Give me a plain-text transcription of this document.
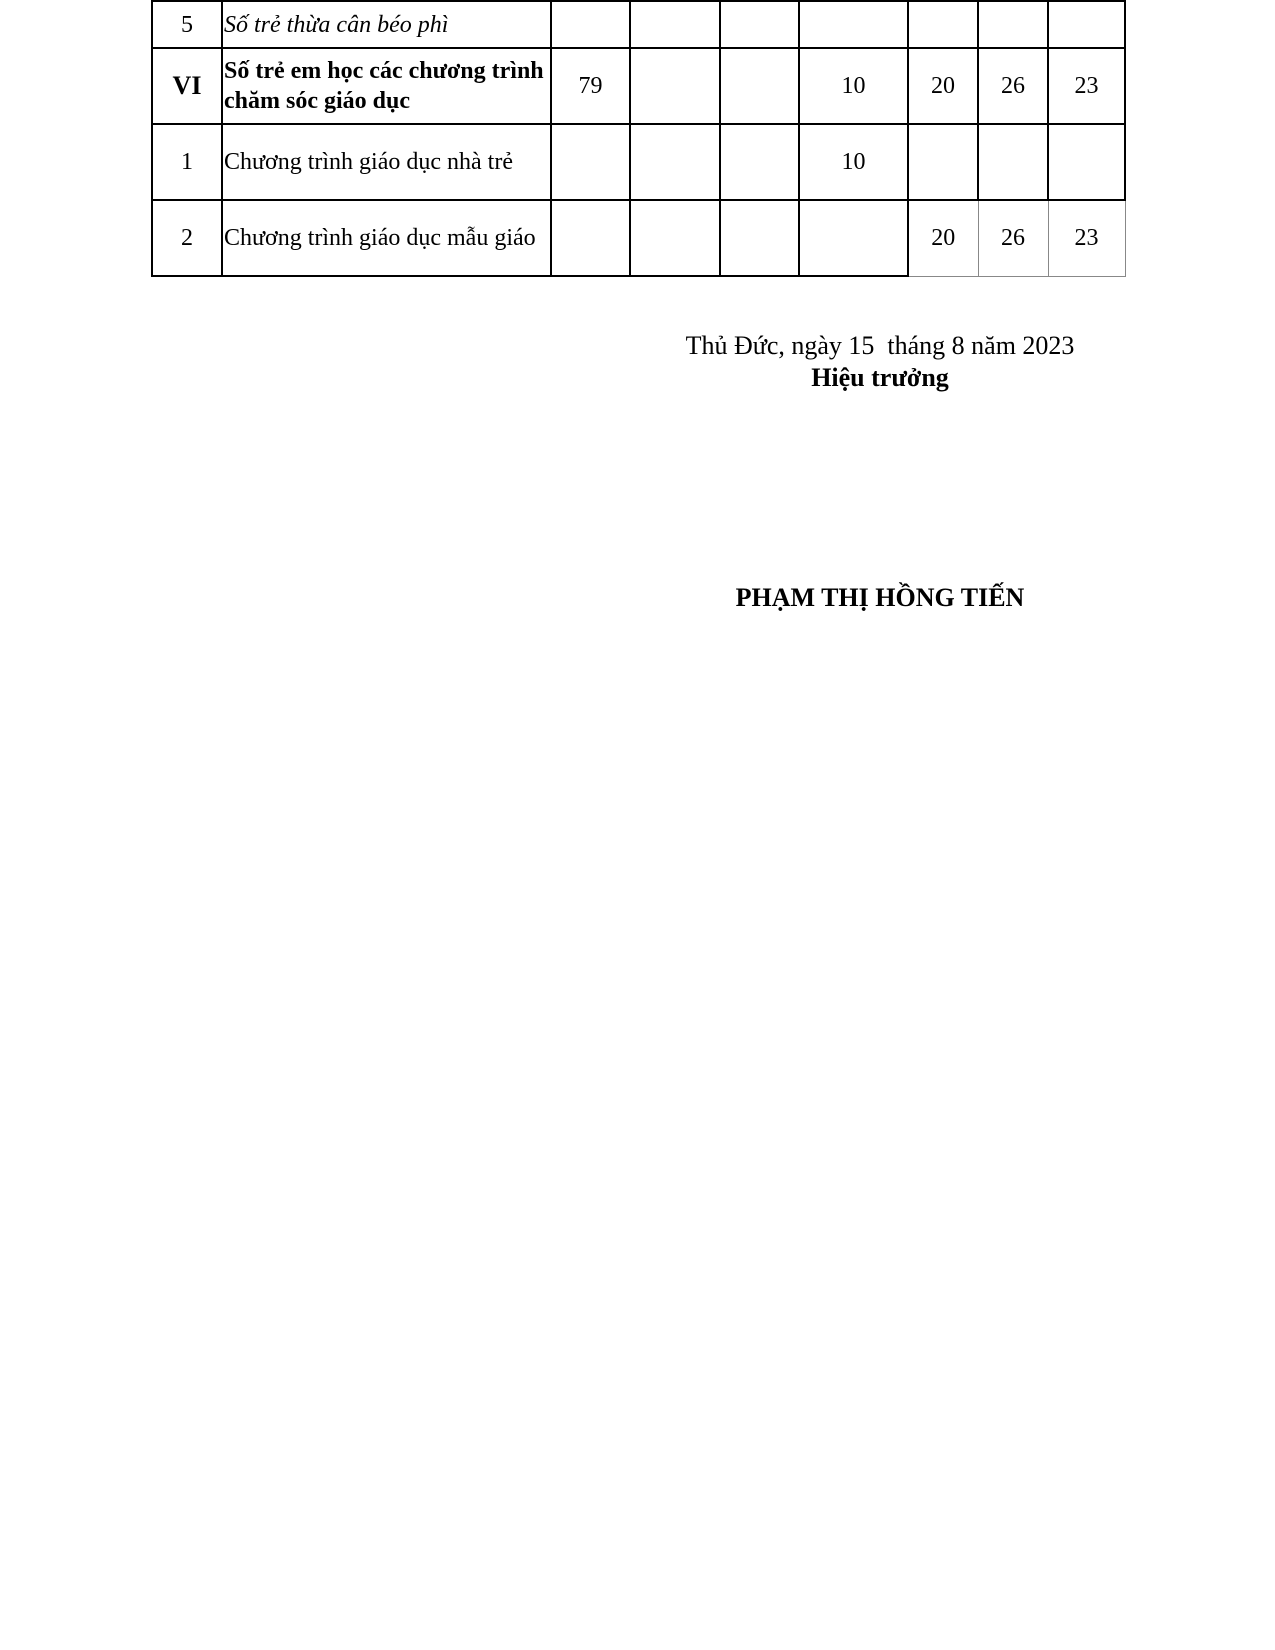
5	Số trẻ thừa cân béo phì							
VI	Số trẻ em học các chương trình chăm sóc giáo dục	79			10	20	26	23
1	Chương trình giáo dục nhà trẻ				10			
2	Chương trình giáo dục mẫu giáo					20	26	23
Thủ Đức, ngày 15  tháng 8 năm 2023
Hiệu trưởng
PHẠM THỊ HỒNG TIẾN
